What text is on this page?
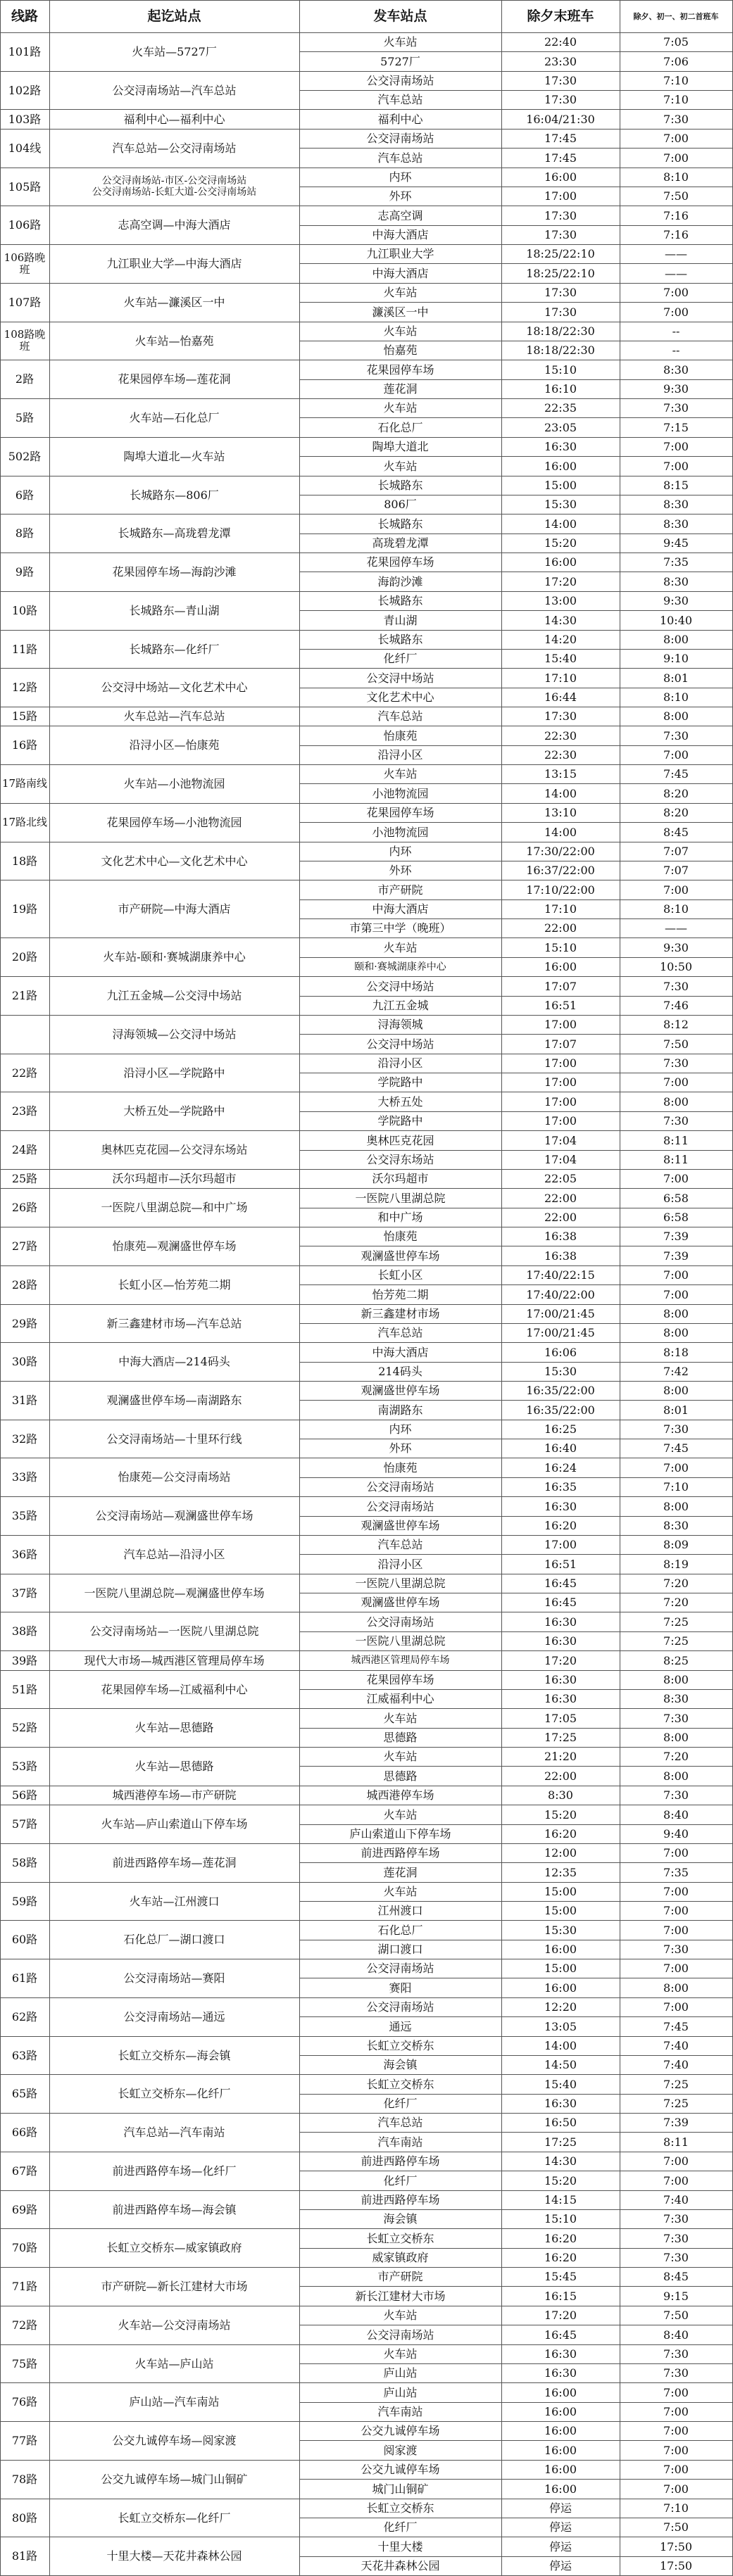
线路	起讫站点	发车站点	除夕末班车	除夕、初一、初二首班车
101路	火车站—5727厂
火车站	22:40	7:05
5727厂	23:30	7:06
102路	公交浔南场站—汽车总站
公交浔南场站	17:30	7:10
汽车总站	17:30	7:10
103路	福利中心—福利中心	福利中心	16:04/21:30	7:30
104线	汽车总站—公交浔南场站
公交浔南场站	17:45	7:00
汽车总站	17:45	7:00
105路	公交浔南场站-市区-公交浔南场站
公交浔南场站-长虹大道-公交浔南场站
内环	16:00	8:10
外环	17:00	7:50
106路	志高空调—中海大酒店
志高空调	17:30	7:16
中海大酒店	17:30	7:16
106路晚班	九江职业大学—中海大酒店
九江职业大学	18:25/22:10	——
中海大酒店	18:25/22:10	——
107路	火车站—濂溪区一中
火车站	17:30	7:00
濂溪区一中	17:30	7:00
108路晚班	火车站—怡嘉苑
火车站	18:18/22:30	--
怡嘉苑	18:18/22:30	--
2路	花果园停车场—莲花洞
花果园停车场	15:10	8:30
莲花洞	16:10	9:30
5路	火车站—石化总厂
火车站	22:35	7:30
石化总厂	23:05	7:15
502路	陶埠大道北—火车站
陶埠大道北	16:30	7:00
火车站	16:00	7:00
6路	长城路东—806厂
长城路东	15:00	8:15
806厂	15:30	8:30
8路	长城路东—高珑碧龙潭
长城路东	14:00	8:30
高珑碧龙潭	15:20	9:45
9路	花果园停车场—海韵沙滩
花果园停车场	16:00	7:35
海韵沙滩	17:20	8:30
10路	长城路东—青山湖
长城路东	13:00	9:30
青山湖	14:30	10:40
11路	长城路东—化纤厂
长城路东	14:20	8:00
化纤厂	15:40	9:10
12路	公交浔中场站—文化艺术中心
公交浔中场站	17:10	8:01
文化艺术中心	16:44	8:10
15路	火车总站—汽车总站	汽车总站	17:30	8:00
16路	沿浔小区—怡康苑
怡康苑	22:30	7:30
沿浔小区	22:30	7:00
17路南线	火车站—小池物流园
火车站	13:15	7:45
小池物流园	14:00	8:20
17路北线	花果园停车场—小池物流园
花果园停车场	13:10	8:20
小池物流园	14:00	8:45
18路	文化艺术中心—文化艺术中心
内环	17:30/22:00	7:07
外环	16:37/22:00	7:07
19路	市产研院—中海大酒店
市产研院	17:10/22:00	7:00
中海大酒店	17:10	8:10
市第三中学（晚班）	22:00	——
20路	火车站-颐和·赛城湖康养中心
火车站	15:10	9:30
颐和·赛城湖康养中心	16:00	10:50
21路	九江五金城—公交浔中场站
公交浔中场站	17:07	7:30
九江五金城	16:51	7:46
浔海领城—公交浔中场站
浔海领城	17:00	8:12
公交浔中场站	17:07	7:50
22路	沿浔小区—学院路中
沿浔小区	17:00	7:30
学院路中	17:00	7:00
23路	大桥五处—学院路中
大桥五处	17:00	8:00
学院路中	17:00	7:30
24路	奥林匹克花园—公交浔东场站
奥林匹克花园	17:04	8:11
公交浔东场站	17:04	8:11
25路	沃尔玛超市—沃尔玛超市	沃尔玛超市	22:05	7:00
26路	一医院八里湖总院—和中广场
一医院八里湖总院	22:00	6:58
和中广场	22:00	6:58
27路	怡康苑—观澜盛世停车场
怡康苑	16:38	7:39
观澜盛世停车场	16:38	7:39
28路	长虹小区—怡芳苑二期
长虹小区	17:40/22:15	7:00
怡芳苑二期	17:40/22:00	7:00
29路	新三鑫建材市场—汽车总站
新三鑫建材市场	17:00/21:45	8:00
汽车总站	17:00/21:45	8:00
30路	中海大酒店—214码头
中海大酒店	16:06	8:18
214码头	15:30	7:42
31路	观澜盛世停车场—南湖路东
观澜盛世停车场	16:35/22:00	8:00
南湖路东	16:35/22:00	8:01
32路	公交浔南场站—十里环行线
内环	16:25	7:30
外环	16:40	7:45
33路	怡康苑—公交浔南场站
怡康苑	16:24	7:00
公交浔南场站	16:35	7:10
35路	公交浔南场站—观澜盛世停车场
公交浔南场站	16:30	8:00
观澜盛世停车场	16:20	8:30
36路	汽车总站—沿浔小区
汽车总站	17:00	8:09
沿浔小区	16:51	8:19
37路	一医院八里湖总院—观澜盛世停车场
一医院八里湖总院	16:45	7:20
观澜盛世停车场	16:45	7:20
38路	公交浔南场站—一医院八里湖总院
公交浔南场站	16:30	7:25
一医院八里湖总院	16:30	7:25
39路	现代大市场—城西港区管理局停车场	城西港区管理局停车场	17:20	8:25
51路	花果园停车场—江威福利中心
花果园停车场	16:30	8:00
江威福利中心	16:30	8:30
52路	火车站—思德路
火车站	17:05	7:30
思德路	17:25	8:00
53路	火车站—思德路
火车站	21:20	7:20
思德路	22:00	8:00
56路	城西港停车场—市产研院	城西港停车场	8:30	7:30
57路	火车站—庐山索道山下停车场
火车站	15:20	8:40
庐山索道山下停车场	16:20	9:40
58路	前进西路停车场—莲花洞
前进西路停车场	12:00	7:00
莲花洞	12:35	7:35
59路	火车站—江州渡口
火车站	15:00	7:00
江州渡口	15:00	7:00
60路	石化总厂—湖口渡口
石化总厂	15:30	7:00
湖口渡口	16:00	7:30
61路	公交浔南场站—赛阳
公交浔南场站	15:00	7:00
赛阳	16:00	8:00
62路	公交浔南场站—通远
公交浔南场站	12:20	7:00
通远	13:05	7:45
63路	长虹立交桥东—海会镇
长虹立交桥东	14:00	7:40
海会镇	14:50	7:40
65路	长虹立交桥东—化纤厂
长虹立交桥东	15:40	7:25
化纤厂	16:30	7:25
66路	汽车总站—汽车南站
汽车总站	16:50	7:39
汽车南站	17:25	8:11
67路	前进西路停车场—化纤厂
前进西路停车场	14:30	7:00
化纤厂	15:20	7:00
69路	前进西路停车场—海会镇
前进西路停车场	14:15	7:40
海会镇	15:10	7:30
70路	长虹立交桥东—威家镇政府
长虹立交桥东	16:20	7:30
威家镇政府	16:20	7:30
71路	市产研院—新长江建材大市场
市产研院	15:45	8:45
新长江建材大市场	16:15	9:15
72路	火车站—公交浔南场站
火车站	17:20	7:50
公交浔南场站	16:45	8:40
75路	火车站—庐山站
火车站	16:30	7:30
庐山站	16:30	7:30
76路	庐山站—汽车南站
庐山站	16:00	7:00
汽车南站	16:00	7:00
77路	公交九诚停车场—阅家渡
公交九诚停车场	16:00	7:00
阅家渡	16:00	7:00
78路	公交九诚停车场—城门山铜矿
公交九诚停车场	16:00	7:00
城门山铜矿	16:00	7:00
80路	长虹立交桥东—化纤厂
长虹立交桥东	停运	7:10
化纤厂	停运	7:50
81路	十里大楼—天花井森林公园
十里大楼	停运	17:50
天花井森林公园	停运	17:50
